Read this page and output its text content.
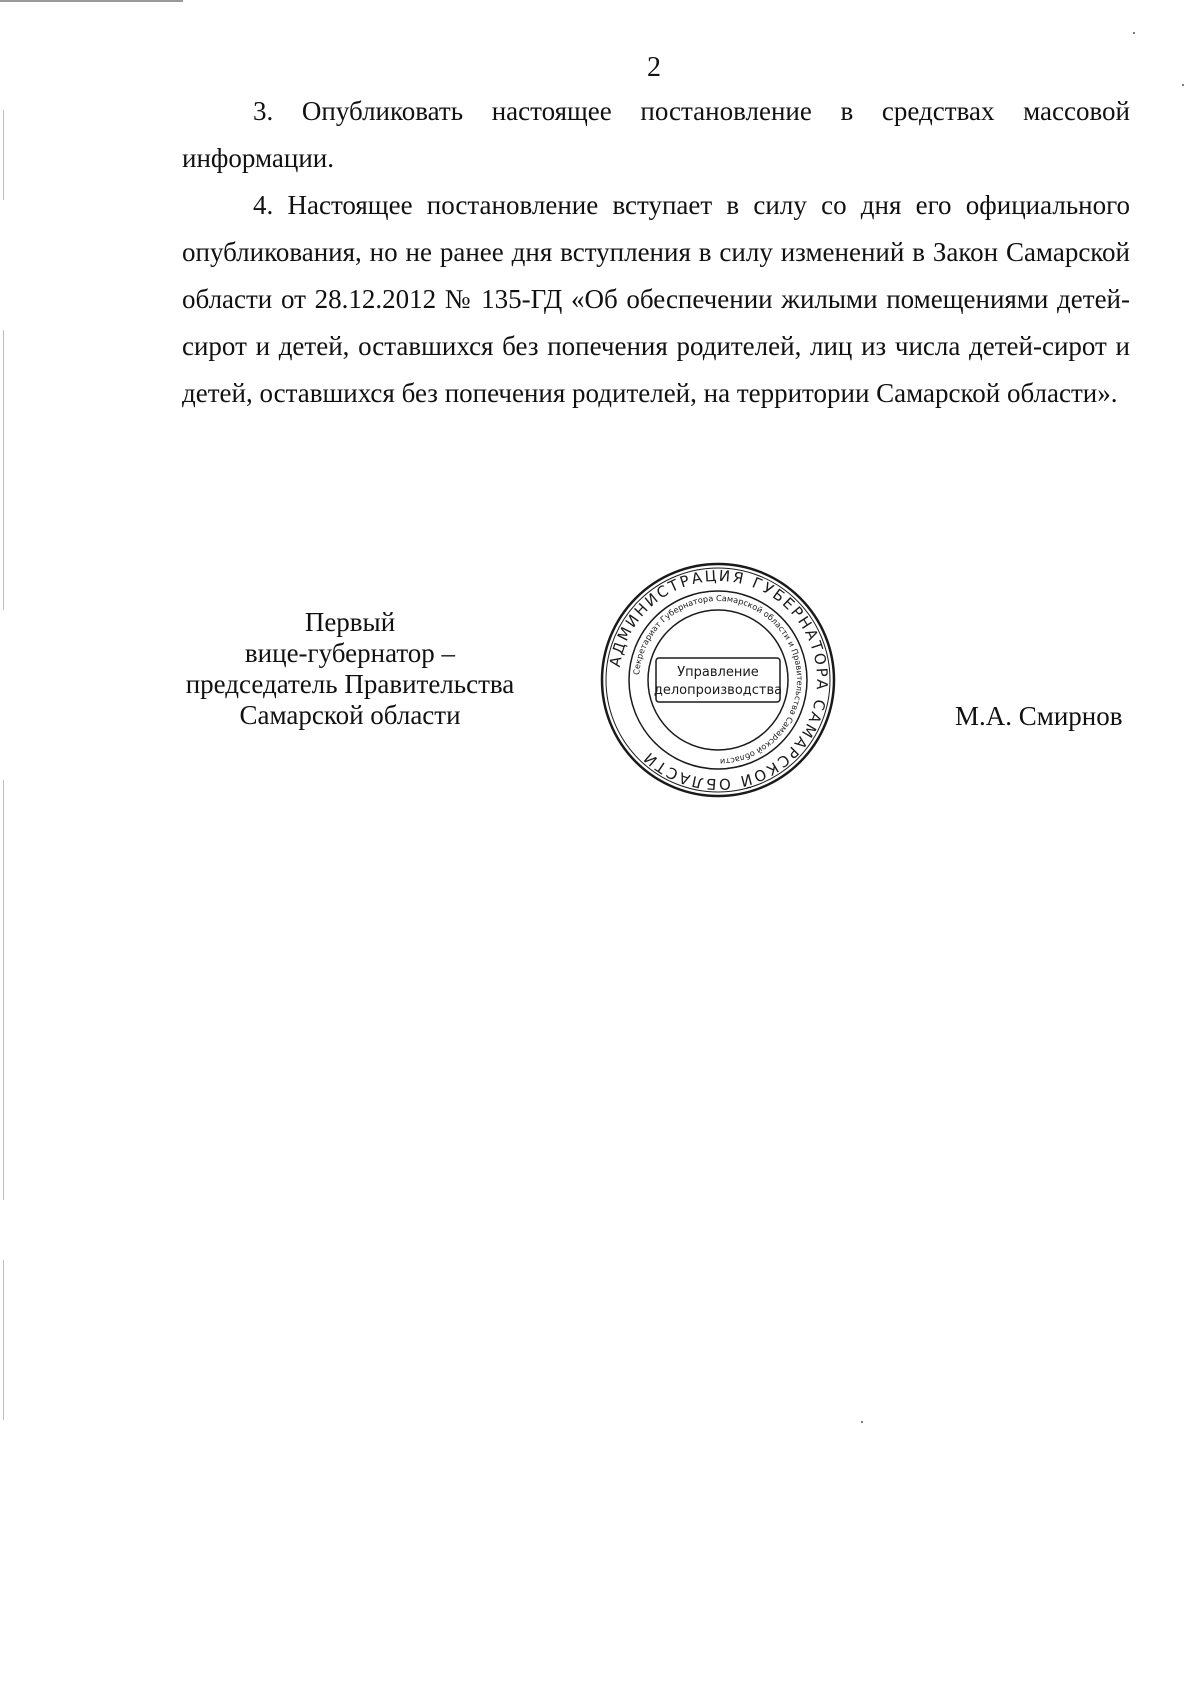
2

3. Опубликовать настоящее постановление в средствах массовой информации.

4. Настоящее постановление вступает в силу со дня его официального опубликования, но не ранее дня вступления в силу изменений в Закон Самарской области от 28.12.2012 № 135-ГД «Об обеспечении жилыми помещениями детей-сирот и детей, оставшихся без попечения родителей, лиц из числа детей-сирот и детей, оставшихся без попечения родителей, на территории Самарской области».

Первый
вице-губернатор –
председатель Правительства
Самарской области
АДМИНИСТРАЦИЯ ГУБЕРНАТОРА САМАРСКОЙ ОБЛАСТИ
Секретариат Губернатора Самарской области и Правительства Самарской области
Управление
делопроизводства
М.А. Смирнов
